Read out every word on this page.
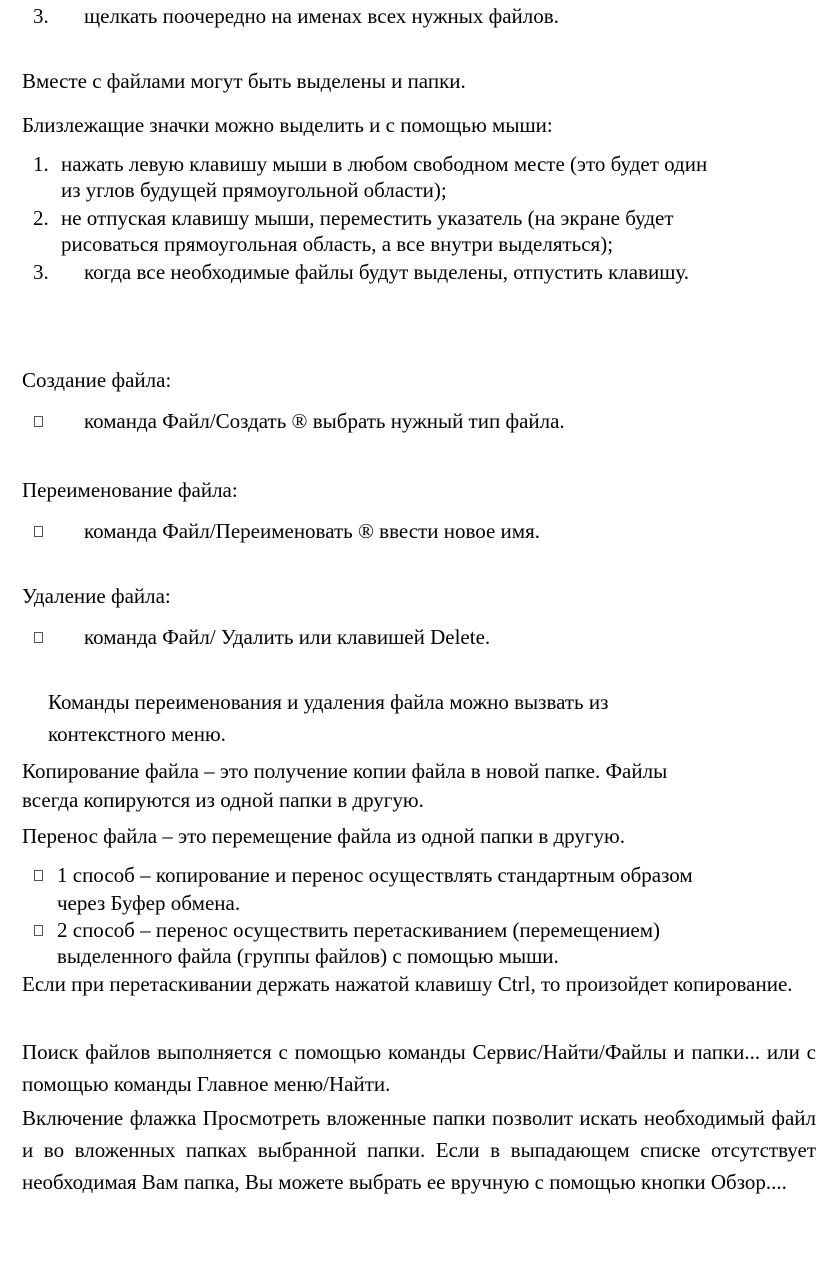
3. щелкать поочередно на именах всех нужных файлов.
Вместе с файлами могут быть выделены и папки.
Близлежащие значки можно выделить и с помощью мыши:
1. нажать левую клавишу мыши в любом свободном месте (это будет один
из углов будущей прямоугольной области);
2. не отпуская клавишу мыши, переместить указатель (на экране будет
рисоваться прямоугольная область, а все внутри выделяться);
3. когда все необходимые файлы будут выделены, отпустить клавишу.
Создание файла:
команда Файл/Создать ® выбрать нужный тип файла.
Переименование файла:
команда Файл/Переименовать ® ввести новое имя.
Удаление файла:
команда Файл/ Удалить или клавишей Delete.
Команды переименования и удаления файла можно вызвать из
контекстного меню.
Копирование файла – это получение копии файла в новой папке. Файлы
всегда копируются из одной папки в другую.
Перенос файла – это перемещение файла из одной папки в другую.
1 способ – копирование и перенос осуществлять стандартным образом
через Буфер обмена.
2 способ – перенос осуществить перетаскиванием (перемещением)
выделенного файла (группы файлов) с помощью мыши.
Если при перетаскивании держать нажатой клавишу Ctrl, то произойдет копирование.
Поиск файлов выполняется с помощью команды Сервис/Найти/Файлы и папки... или с помощью команды Главное меню/Найти.
Включение флажка Просмотреть вложенные папки позволит искать необходимый файл и во вложенных папках выбранной папки. Если в выпадающем списке отсутствует необходимая Вам папка, Вы можете выбрать ее вручную с помощью кнопки Обзор....
